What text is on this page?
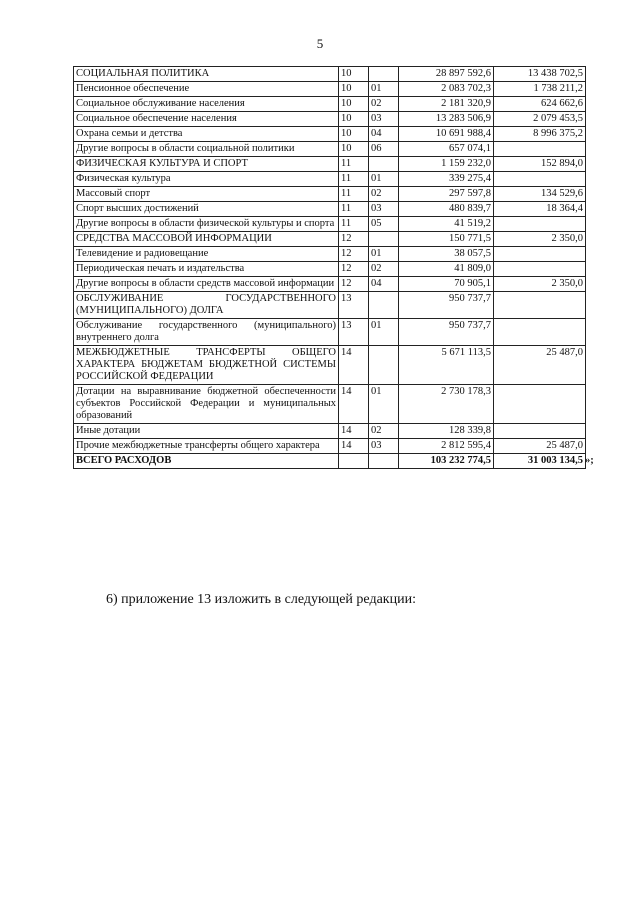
5
СОЦИАЛЬНАЯ ПОЛИТИКА	10		28 897 592,6	13 438 702,5
Пенсионное обеспечение	10	01	2 083 702,3	1 738 211,2
Социальное обслуживание населения	10	02	2 181 320,9	624 662,6
Социальное обеспечение населения	10	03	13 283 506,9	2 079 453,5
Охрана семьи и детства	10	04	10 691 988,4	8 996 375,2
Другие вопросы в области социальной политики	10	06	657 074,1	
ФИЗИЧЕСКАЯ КУЛЬТУРА И СПОРТ	11		1 159 232,0	152 894,0
Физическая культура	11	01	339 275,4	
Массовый спорт	11	02	297 597,8	134 529,6
Спорт высших достижений	11	03	480 839,7	18 364,4
Другие вопросы в области физической культуры и спорта	11	05	41 519,2	
СРЕДСТВА МАССОВОЙ ИНФОРМАЦИИ	12		150 771,5	2 350,0
Телевидение и радиовещание	12	01	38 057,5	
Периодическая печать и издательства	12	02	41 809,0	
Другие вопросы в области средств массовой информации	12	04	70 905,1	2 350,0
ОБСЛУЖИВАНИЕ ГОСУДАРСТВЕННОГО (МУНИЦИПАЛЬНОГО) ДОЛГА	13		950 737,7	
Обслуживание государственного (муниципального) внутреннего долга	13	01	950 737,7	
МЕЖБЮДЖЕТНЫЕ ТРАНСФЕРТЫ ОБЩЕГО ХАРАКТЕРА БЮДЖЕТАМ БЮДЖЕТНОЙ СИСТЕМЫ РОССИЙСКОЙ ФЕДЕРАЦИИ	14		5 671 113,5	25 487,0
Дотации на выравнивание бюджетной обеспеченности субъектов Российской Федерации и муниципальных образований	14	01	2 730 178,3	
Иные дотации	14	02	128 339,8	
Прочие межбюджетные трансферты общего характера	14	03	2 812 595,4	25 487,0
ВСЕГО РАСХОДОВ			103 232 774,5	31 003 134,5 »;
6) приложение 13 изложить в следующей редакции:
